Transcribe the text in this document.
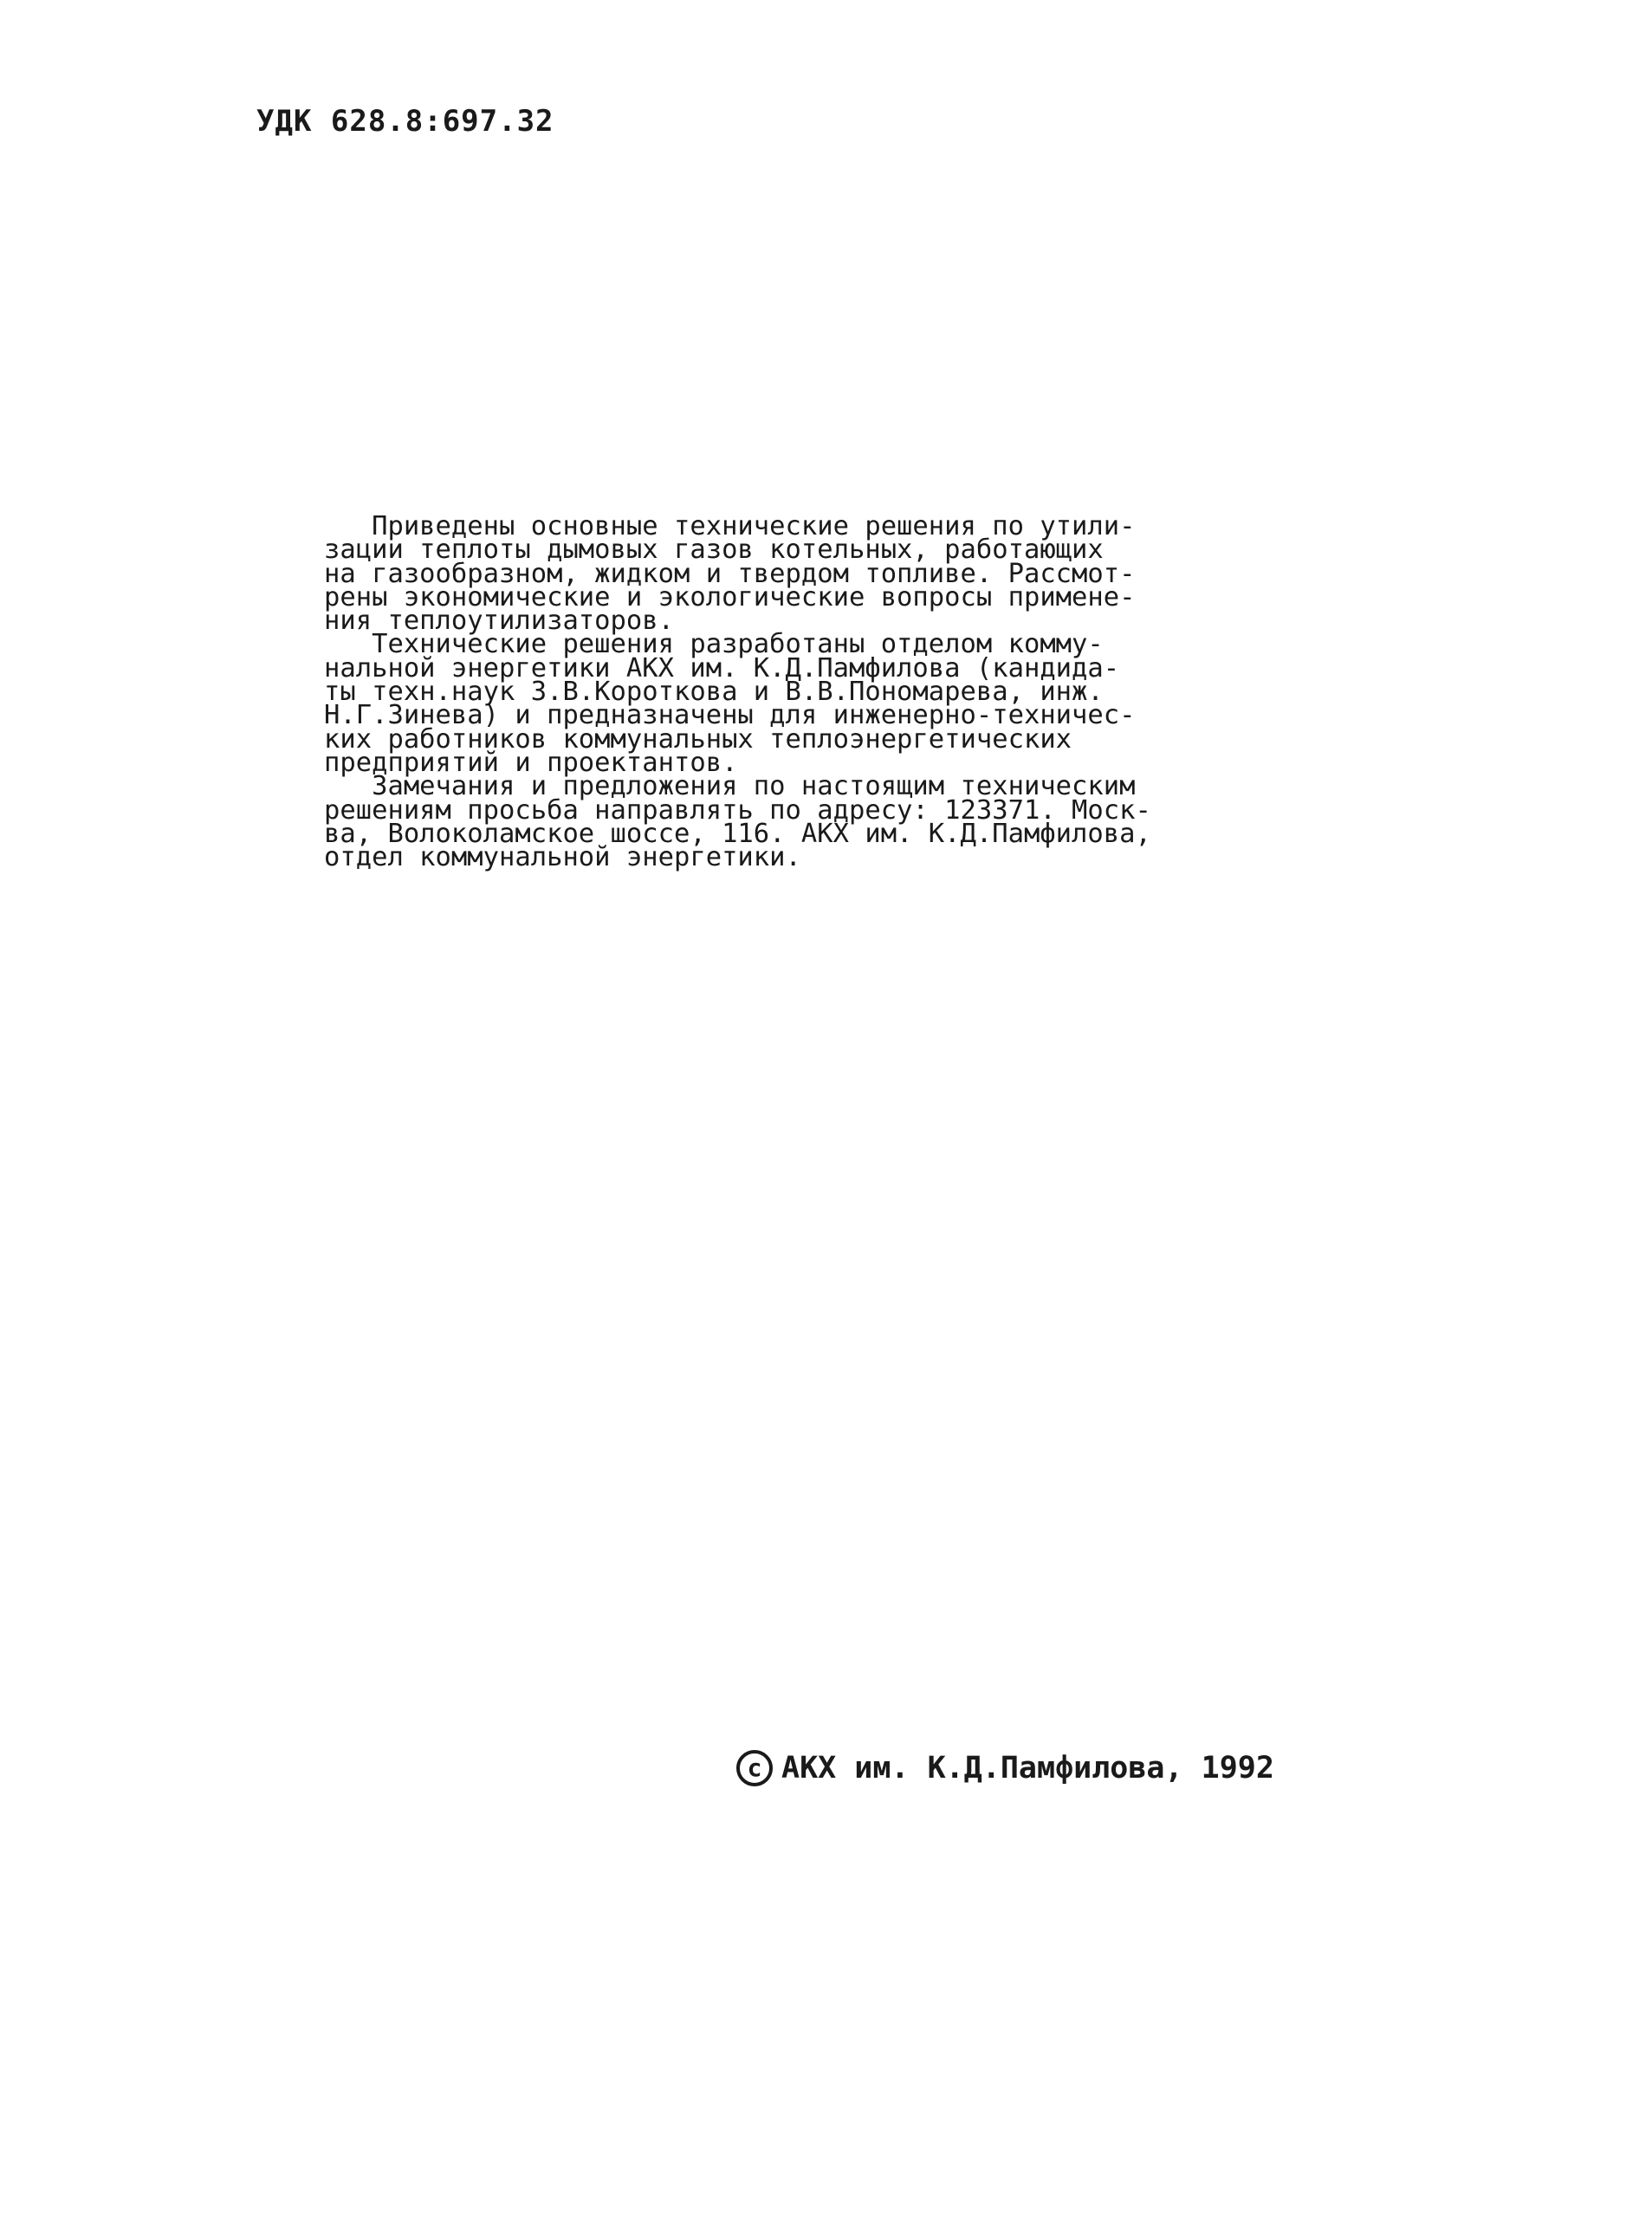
УДК 628.8:697.32
Приведены основные технические решения по утили-
зации теплоты дымовых газов котельных, работающих
на газообразном, жидком и твердом топливе. Рассмот-
рены экономические и экологические вопросы примене-
ния теплоутилизаторов.
Технические решения разработаны отделом комму-
нальной энергетики АКХ им. К.Д.Памфилова (кандида-
ты техн.наук З.В.Короткова и В.В.Пономарева, инж.
Н.Г.Зинева) и предназначены для инженерно-техничес-
ких работников коммунальных теплоэнергетических
предприятий и проектантов.
Замечания и предложения по настоящим техническим
решениям просьба направлять по адресу: 123371. Моск-
ва, Волоколамское шоссе, 116. АКХ им. К.Д.Памфилова,
отдел коммунальной энергетики.
c АКХ им. К.Д.Памфилова, 1992
